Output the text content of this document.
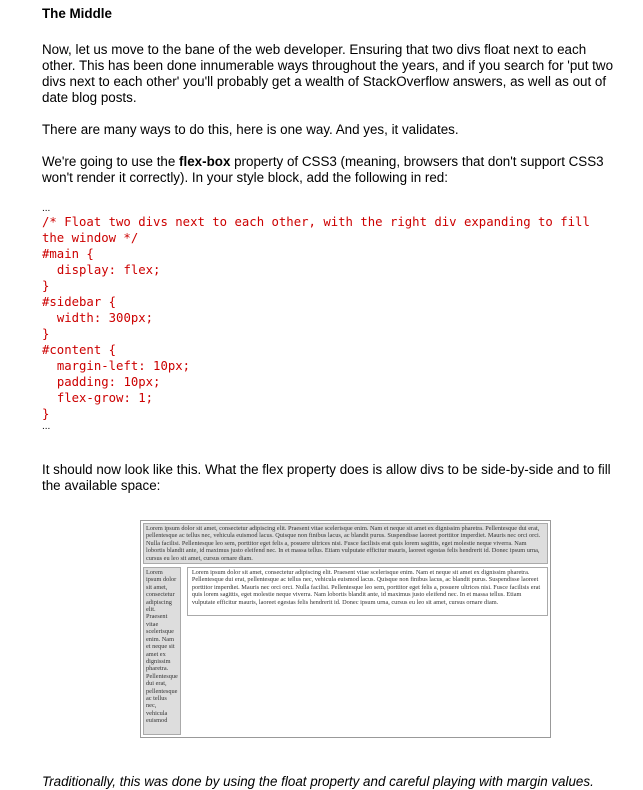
The Middle

Now, let us move to the bane of the web developer. Ensuring that two divs float next to each other. This has been done innumerable ways throughout the years, and if you search for 'put two divs next to each other' you'll probably get a wealth of StackOverflow answers, as well as out of date blog posts.

There are many ways to do this, here is one way. And yes, it validates.

We're going to use the flex-box property of CSS3 (meaning, browsers that don't support CSS3 won't render it correctly). In your style block, add the following in red:

...
/* Float two divs next to each other, with the right div expanding to fill the window */
#main {
display: flex;
}
#sidebar {
width: 300px;
}
#content {
margin-left: 10px;
padding: 10px;
flex-grow: 1;
}
...

It should now look like this. What the flex property does is allow divs to be side-by-side and to fill the available space:

Lorem ipsum dolor sit amet, consectetur adipiscing elit. Praesent vitae scelerisque enim. Nam et neque sit amet ex dignissim pharetra. Pellentesque dui erat, pellentesque ac tellus nec, vehicula euismod lacus. Quisque non finibus lacus, ac blandit purus. Suspendisse laoreet porttitor imperdiet. Mauris nec orci orci. Nulla facilisi. Pellentesque leo sem, porttitor eget felis a, posuere ultrices nisi. Fusce facilisis erat quis lorem sagittis, eget molestie neque viverra. Nam lobortis blandit ante, id maximus justo eleifend nec. In et massa tellus. Etiam vulputate efficitur mauris, laoreet egestas felis hendrerit id. Donec ipsum urna, cursus eu leo sit amet, cursus ornare diam.
Lorem ipsum dolor sit amet, consectetur adipiscing elit. Praesent vitae scelerisque enim. Nam et neque sit amet ex dignissim pharetra. Pellentesque dui erat, pellentesque ac tellus nec, vehicula euismod
Lorem ipsum dolor sit amet, consectetur adipiscing elit. Praesent vitae scelerisque enim. Nam et neque sit amet ex dignissim pharetra. Pellentesque dui erat, pellentesque ac tellus nec, vehicula euismod lacus. Quisque non finibus lacus, ac blandit purus. Suspendisse laoreet porttitor imperdiet. Mauris nec orci orci. Nulla facilisi. Pellentesque leo sem, porttitor eget felis a, posuere ultrices nisi. Fusce facilisis erat quis lorem sagittis, eget molestie neque viverra. Nam lobortis blandit ante, id maximus justo eleifend nec. In et massa tellus. Etiam vulputate efficitur mauris, laoreet egestas felis hendrerit id. Donec ipsum urna, cursus eu leo sit amet, cursus ornare diam.

Traditionally, this was done by using the float property and careful playing with margin values.
